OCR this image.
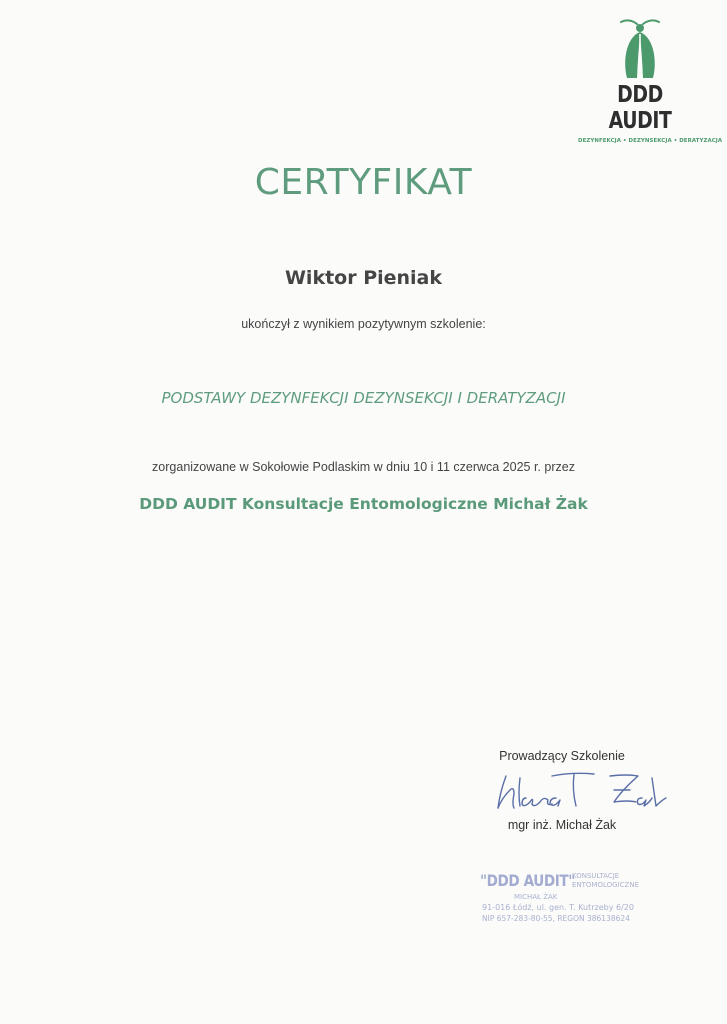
DDD AUDIT
DEZYNFEKCJA • DEZYNSEKCJA • DERATYZACJA
CERTYFIKAT
Wiktor Pieniak
ukończył z wynikiem pozytywnym szkolenie:
PODSTAWY DEZYNFEKCJI DEZYNSEKCJI I DERATYZACJI
zorganizowane w Sokołowie Podlaskim w dniu 10 i 11 czerwca 2025 r. przez
DDD AUDIT Konsultacje Entomologiczne Michał Żak
Prowadzący Szkolenie
mgr inż. Michał Żak
"DDD AUDIT"
KONSULTACJE
ENTOMOLOGICZNE
MICHAŁ ŻAK
91-016 Łódź, ul. gen. T. Kutrzeby 6/20
NIP 657-283-80-55, REGON 386138624
